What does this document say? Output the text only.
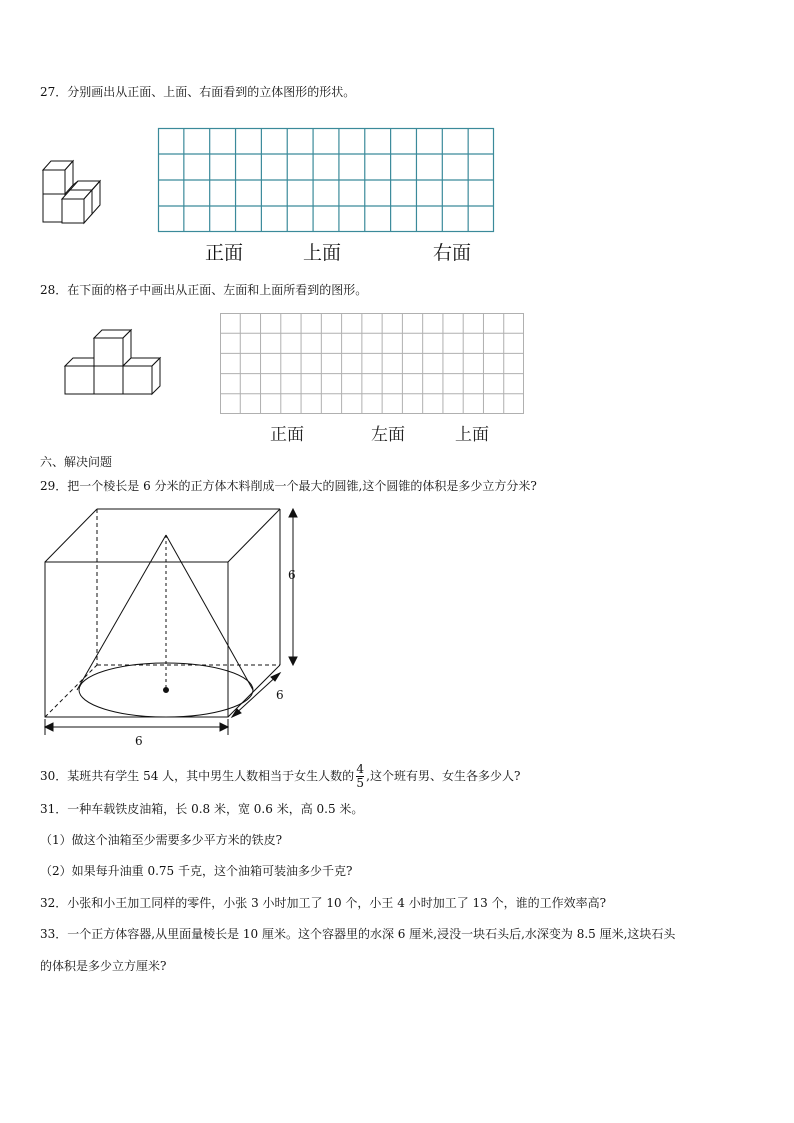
27．分别画出从正面、上面、右面看到的立体图形的形状。
正面	上面	右面
28．在下面的格子中画出从正面、左面和上面所看到的图形。
正面	左面	上面
六、解决问题
29．把一个棱长是 6 分米的正方体木料削成一个最大的圆锥,这个圆锥的体积是多少立方分米?
6
6
6
30．某班共有学生 54 人，其中男生人数相当于女生人数的 $\frac{4}{5}$ ,这个班有男、女生各多少人?
31．一种车载铁皮油箱，长 0.8 米，宽 0.6 米，高 0.5 米。
（1）做这个油箱至少需要多少平方米的铁皮?
（2）如果每升油重 0.75 千克，这个油箱可装油多少千克?
32．小张和小王加工同样的零件，小张 3 小时加工了 10 个，小王 4 小时加工了 13 个，谁的工作效率高?
33．一个正方体容器,从里面量棱长是 10 厘米。这个容器里的水深 6 厘米,浸没一块石头后,水深变为 8.5 厘米,这块石头
的体积是多少立方厘米?
